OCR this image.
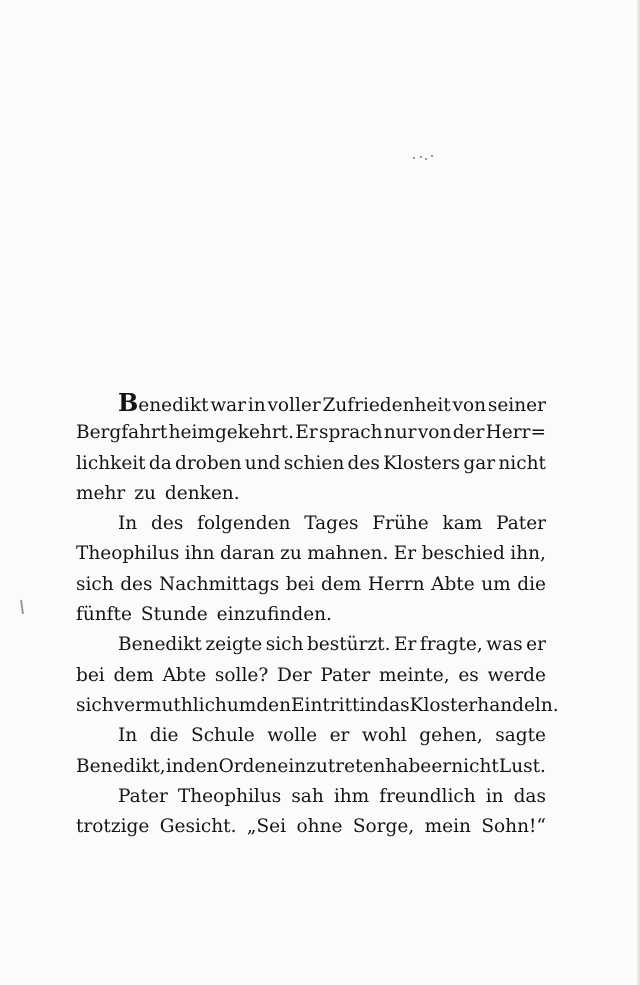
Benedikt war in voller Zufriedenheit von seiner
Bergfahrt heimgekehrt. Er sprach nur von der Herr=
lichkeit da droben und schien des Klosters gar nicht
mehr zu denken.
In des folgenden Tages Frühe kam Pater
Theophilus ihn daran zu mahnen. Er beschied ihn,
sich des Nachmittags bei dem Herrn Abte um die
fünfte Stunde einzufinden.
Benedikt zeigte sich bestürzt. Er fragte, was er
bei dem Abte solle? Der Pater meinte, es werde
sich vermuthlich um den Eintritt in das Kloster handeln.
In die Schule wolle er wohl gehen, sagte
Benedikt, in den Orden einzutreten habe er nicht Lust.
Pater Theophilus sah ihm freundlich in das
trotzige Gesicht. „Sei ohne Sorge, mein Sohn!“
